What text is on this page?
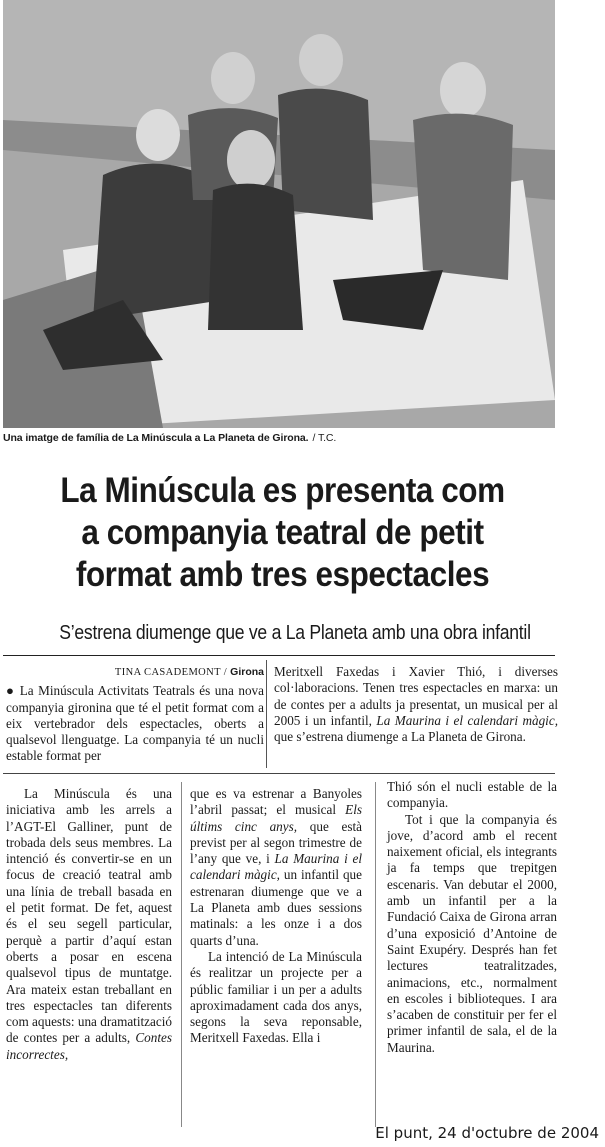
Una imatge de família de La Minúscula a La Planeta de Girona. / T.C.
La Minúscula es presenta com
a companyia teatral de petit
format amb tres espectacles
S’estrena diumenge que ve a La Planeta amb una obra infantil
TINA CASADEMONT / Girona

● La Minúscula Activitats Teatrals és una nova companyia gironina que té el petit format com a eix vertebrador dels espectacles, oberts a qualsevol llenguatge. La companyia té un nucli estable format per

Meritxell Faxedas i Xavier Thió, i diverses col·laboracions. Tenen tres espectacles en marxa: un de contes per a adults ja presentat, un musical per al 2005 i un infantil, La Maurina i el calendari màgic, que s’estrena diumenge a La Planeta de Girona.

La Minúscula és una iniciativa amb les arrels a l’AGT-El Galliner, punt de trobada dels seus membres. La intenció és convertir-se en un focus de creació teatral amb una línia de treball basada en el petit format. De fet, aquest és el seu segell particular, perquè a partir d’aquí estan oberts a posar en escena qualsevol tipus de muntatge. Ara mateix estan treballant en tres espectacles tan diferents com aquests: una dramatització de contes per a adults, Contes incorrectes,

que es va estrenar a Banyoles l’abril passat; el musical Els últims cinc anys, que està previst per al segon trimestre de l’any que ve, i La Maurina i el calendari màgic, un infantil que estrenaran diumenge que ve a La Planeta amb dues sessions matinals: a les onze i a dos quarts d’una.

La intenció de La Minúscula és realitzar un projecte per a públic familiar i un per a adults aproximadament cada dos anys, segons la seva reponsable, Meritxell Faxedas. Ella i

Thió són el nucli estable de la companyia.

Tot i que la companyia és jove, d’acord amb el recent naixement oficial, els integrants ja fa temps que trepitgen escenaris. Van debutar el 2000, amb un infantil per a la Fundació Caixa de Girona arran d’una exposició d’Antoine de Saint Exupéry. Després han fet lectures teatralitzades, animacions, etc., normalment en escoles i biblioteques. I ara s’acaben de constituir per fer el primer infantil de sala, el de la Maurina.

El punt, 24 d'octubre de 2004
